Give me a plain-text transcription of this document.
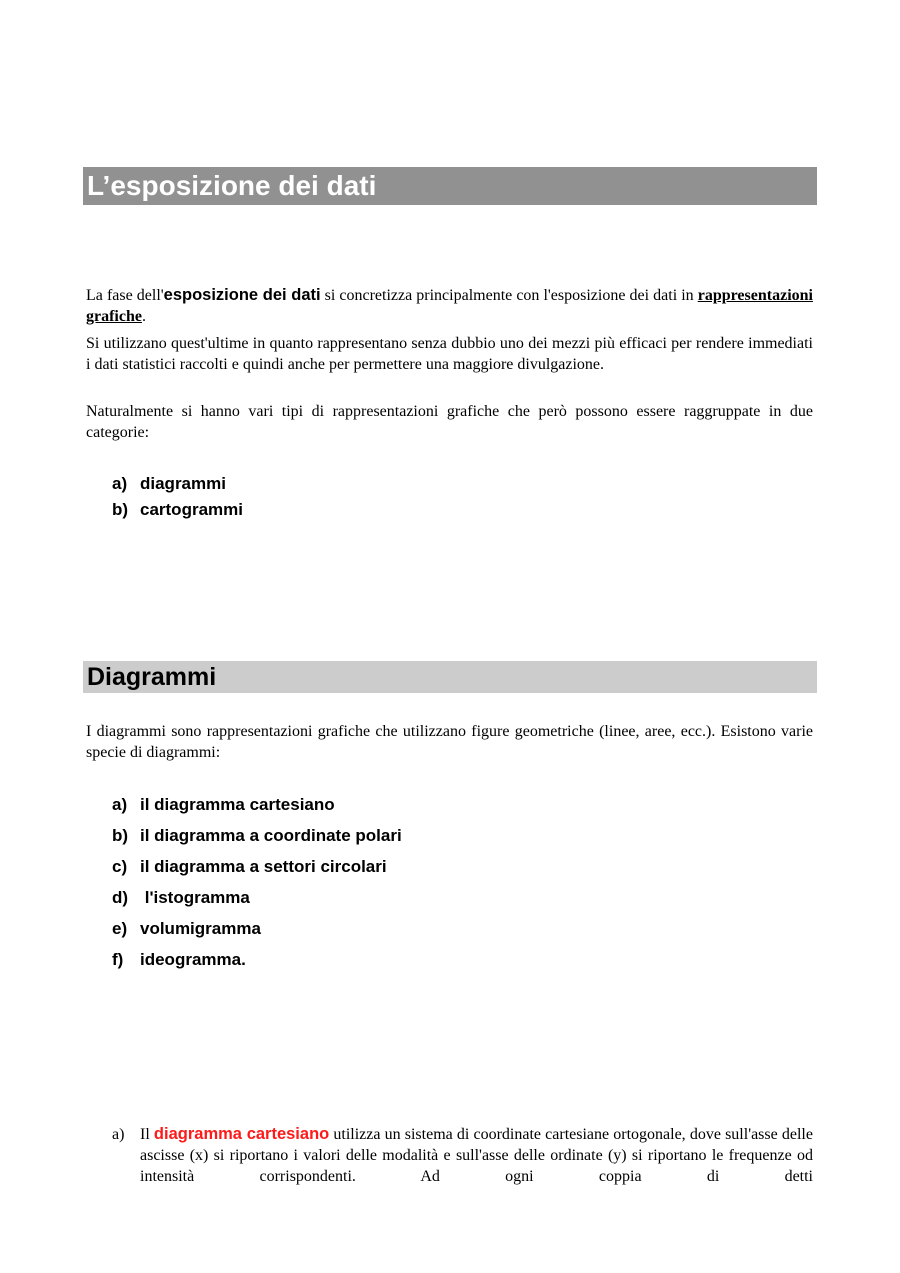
L’esposizione dei dati

La fase dell'esposizione dei dati si concretizza principalmente con l'esposizione dei dati in rappresentazioni grafiche.

Si utilizzano quest'ultime in quanto rappresentano senza dubbio uno dei mezzi più efficaci per rendere immediati i dati statistici raccolti e quindi anche per permettere una maggiore divulgazione.

Naturalmente si hanno vari tipi di rappresentazioni grafiche che però possono essere raggruppate in due categorie:

a) diagrammi
b) cartogrammi
Diagrammi

I diagrammi sono rappresentazioni grafiche che utilizzano figure geometriche (linee, aree, ecc.). Esistono varie specie di diagrammi:

a) il diagramma cartesiano
b) il diagramma a coordinate polari
c) il diagramma a settori circolari
d) l'istogramma
e) volumigramma
f) ideogramma.
a) Il diagramma cartesiano utilizza un sistema di coordinate cartesiane ortogonale, dove sull'asse delle ascisse (x) si riportano i valori delle modalità e sull'asse delle ordinate (y) si riportano le frequenze od intensità corrispondenti. Ad ogni coppia di detti
